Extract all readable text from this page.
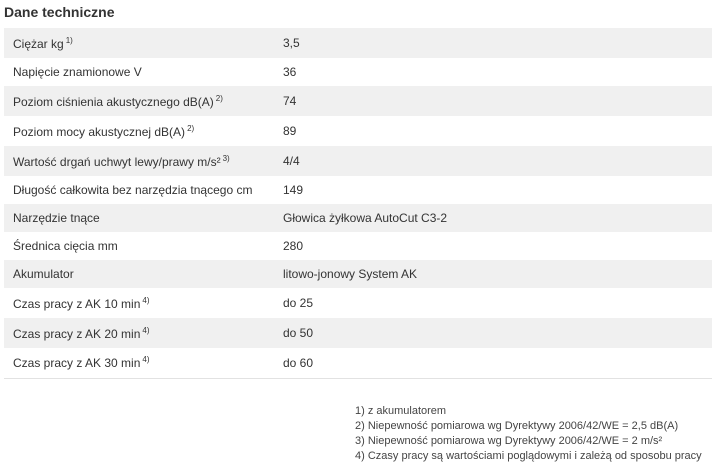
Dane techniczne
Ciężar kg $^{1)}$	3,5
Napięcie znamionowe V	36
Poziom ciśnienia akustycznego dB(A) $^{2)}$	74
Poziom mocy akustycznej dB(A) $^{2)}$	89
Wartość drgań uchwyt lewy/prawy m/s² $^{3)}$	4/4
Długość całkowita bez narzędzia tnącego cm	149
Narzędzie tnące	Głowica żyłkowa AutoCut C3-2
Średnica cięcia mm	280
Akumulator	litowo-jonowy System AK
Czas pracy z AK 10 min $^{4)}$	do 25
Czas pracy z AK 20 min $^{4)}$	do 50
Czas pracy z AK 30 min $^{4)}$	do 60
1) z akumulatorem
2) Niepewność pomiarowa wg Dyrektywy 2006/42/WE = 2,5 dB(A)
3) Niepewność pomiarowa wg Dyrektywy 2006/42/WE = 2 m/s²
4) Czasy pracy są wartościami poglądowymi i zależą od sposobu pracy
